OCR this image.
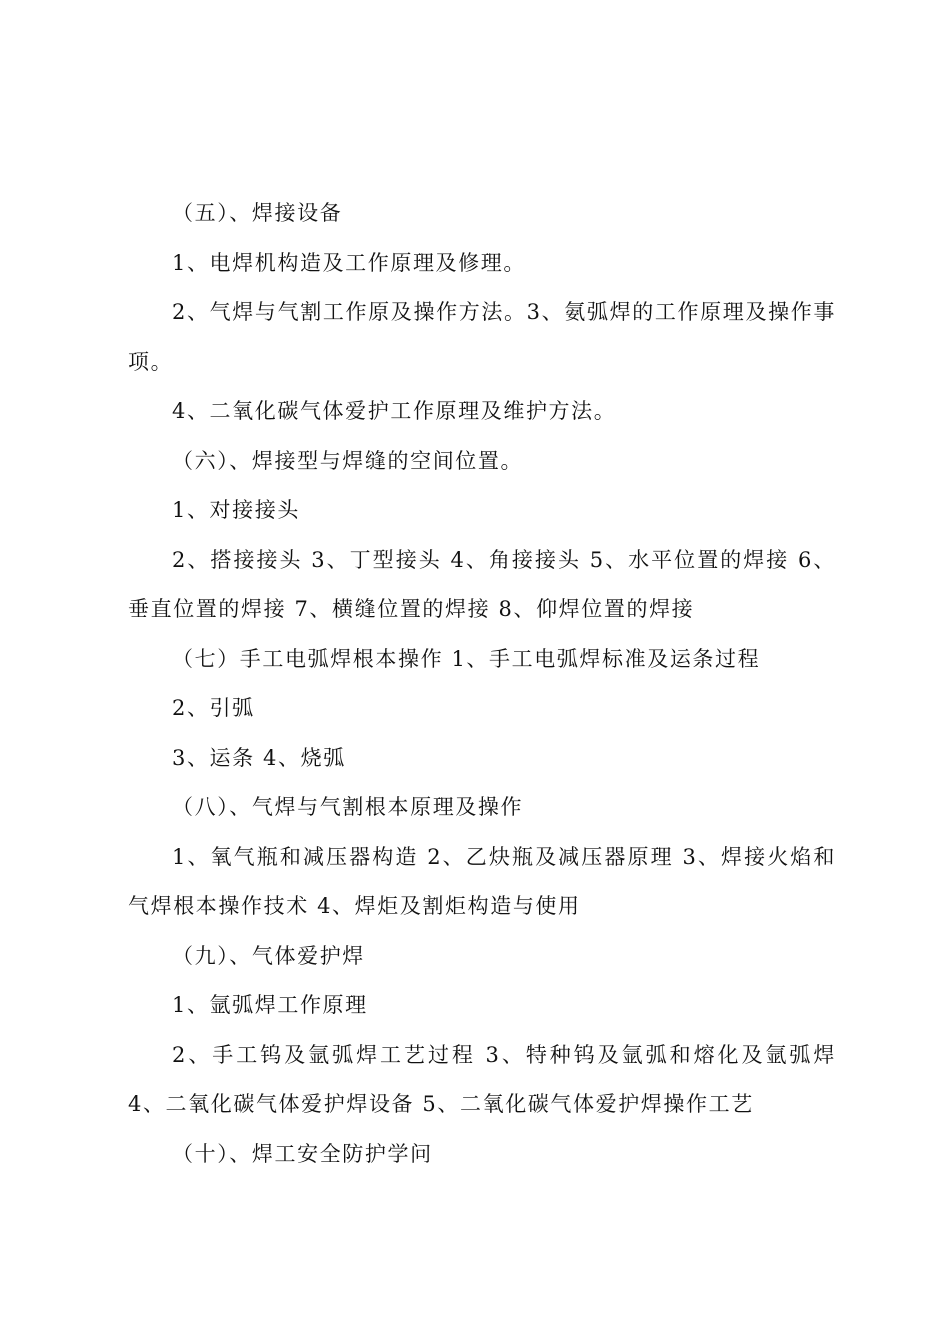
（五）、焊接设备

1、电焊机构造及工作原理及修理。

2、气焊与气割工作原及操作方法。3、氨弧焊的工作原理及操作事项。

4、二氧化碳气体爱护工作原理及维护方法。

（六）、焊接型与焊缝的空间位置。

1、对接接头

2、搭接接头 3、丁型接头 4、角接接头 5、水平位置的焊接 6、垂直位置的焊接 7、横缝位置的焊接 8、仰焊位置的焊接

（七）手工电弧焊根本操作 1、手工电弧焊标准及运条过程

2、引弧

3、运条 4、烧弧

（八）、气焊与气割根本原理及操作

1、氧气瓶和减压器构造 2、乙炔瓶及减压器原理 3、焊接火焰和气焊根本操作技术 4、焊炬及割炬构造与使用

（九）、气体爱护焊

1、氩弧焊工作原理

2、手工钨及氩弧焊工艺过程 3、特种钨及氩弧和熔化及氩弧焊 4、二氧化碳气体爱护焊设备 5、二氧化碳气体爱护焊操作工艺

（十）、焊工安全防护学问
